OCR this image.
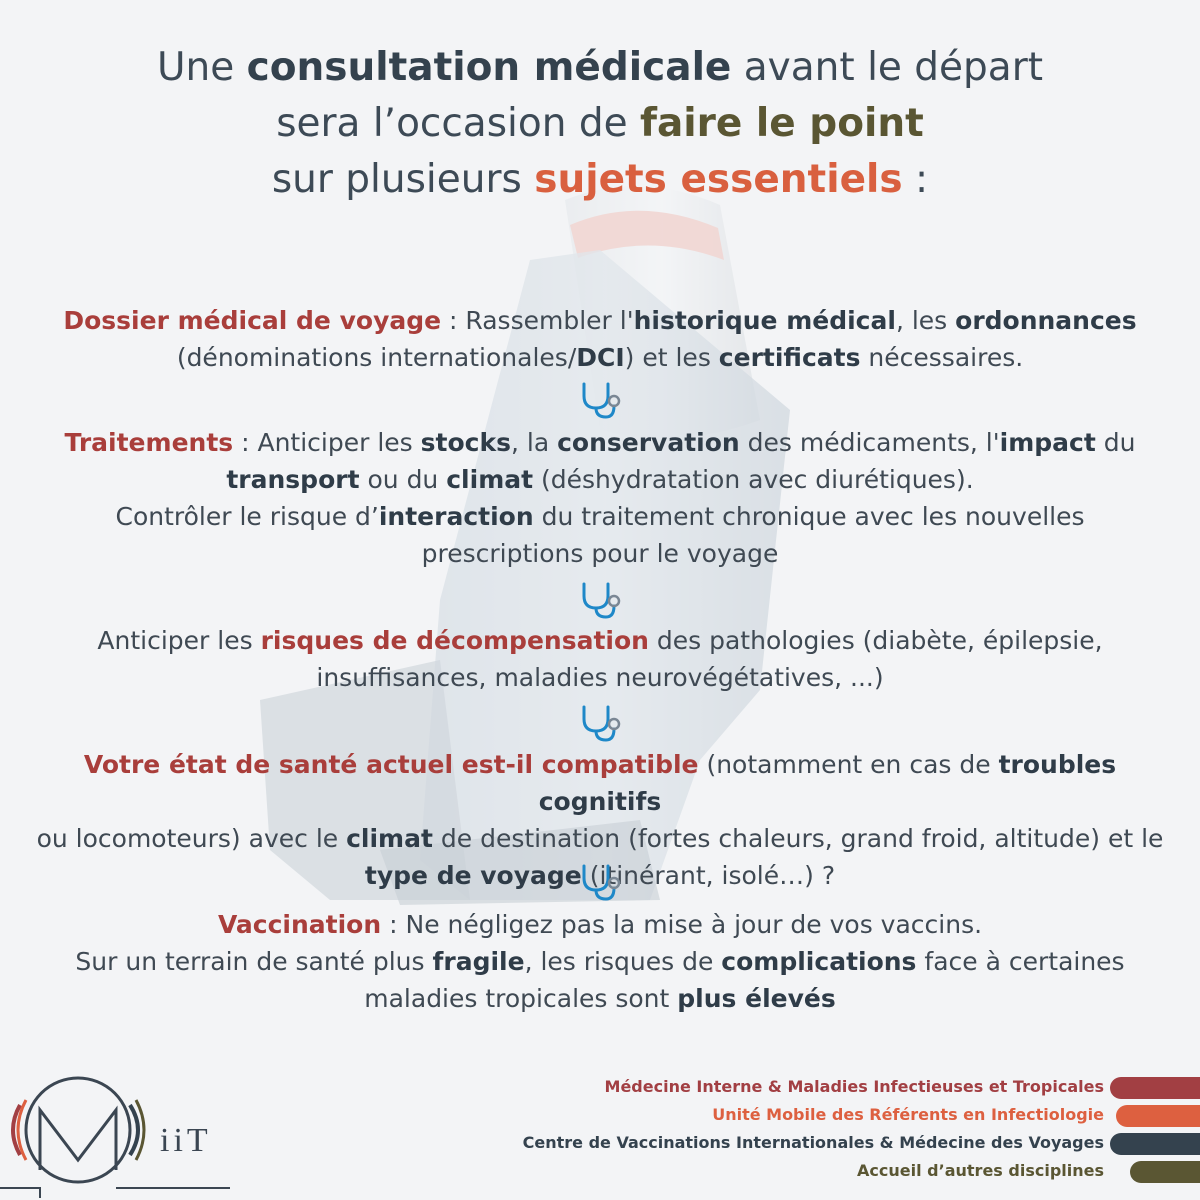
Une consultation médicale avant le départ
sera l’occasion de faire le point
sur plusieurs sujets essentiels :
Dossier médical de voyage : Rassembler l'historique médical, les ordonnances
(dénominations internationales/DCI) et les certificats nécessaires.
Traitements : Anticiper les stocks, la conservation des médicaments, l'impact du
transport ou du climat (déshydratation avec diurétiques).
Contrôler le risque d’interaction du traitement chronique avec les nouvelles
prescriptions pour le voyage
Anticiper les risques de décompensation des pathologies (diabète, épilepsie,
insuffisances, maladies neurovégétatives, ...)
Votre état de santé actuel est-il compatible (notamment en cas de troubles cognitifs
ou locomoteurs) avec le climat de destination (fortes chaleurs, grand froid, altitude) et le
type de voyage (itinérant, isolé…) ?
Vaccination : Ne négligez pas la mise à jour de vos vaccins.
Sur un terrain de santé plus fragile, les risques de complications face à certaines
maladies tropicales sont plus élevés
iiT
Médecine Interne & Maladies Infectieuses et Tropicales
Unité Mobile des Référents en Infectiologie
Centre de Vaccinations Internationales & Médecine des Voyages
Accueil d’autres disciplines
